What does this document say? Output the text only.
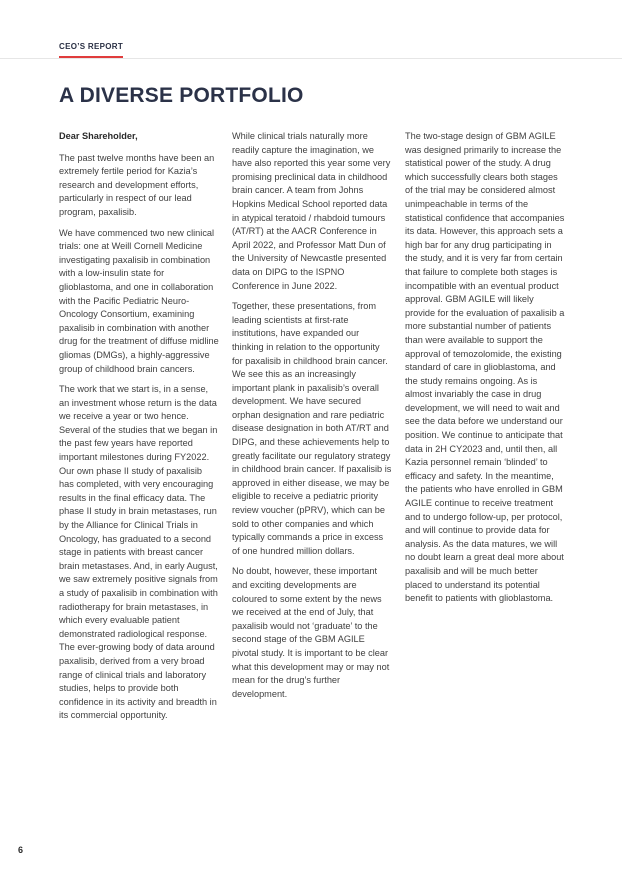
CEO’S REPORT
A DIVERSE PORTFOLIO

Dear Shareholder,

The past twelve months have been an extremely fertile period for Kazia’s research and development efforts, particularly in respect of our lead program, paxalisib.

We have commenced two new clinical trials: one at Weill Cornell Medicine investigating paxalisib in combination with a low-insulin state for glioblastoma, and one in collaboration with the Pacific Pediatric Neuro-Oncology Consortium, examining paxalisib in combination with another drug for the treatment of diffuse midline gliomas (DMGs), a highly-aggressive group of childhood brain cancers.

The work that we start is, in a sense, an investment whose return is the data we receive a year or two hence. Several of the studies that we began in the past few years have reported important milestones during FY2022. Our own phase II study of paxalisib has completed, with very encouraging results in the final efficacy data. The phase II study in brain metastases, run by the Alliance for Clinical Trials in Oncology, has graduated to a second stage in patients with breast cancer brain metastases. And, in early August, we saw extremely positive signals from a study of paxalisib in combination with radiotherapy for brain metastases, in which every evaluable patient demonstrated radiological response. The ever-growing body of data around paxalisib, derived from a very broad range of clinical trials and laboratory studies, helps to provide both confidence in its activity and breadth in its commercial opportunity.

While clinical trials naturally more readily capture the imagination, we have also reported this year some very promising preclinical data in childhood brain cancer. A team from Johns Hopkins Medical School reported data in atypical teratoid / rhabdoid tumours (AT/RT) at the AACR Conference in April 2022, and Professor Matt Dun of the University of Newcastle presented data on DIPG to the ISPNO Conference in June 2022.

Together, these presentations, from leading scientists at first-rate institutions, have expanded our thinking in relation to the opportunity for paxalisib in childhood brain cancer. We see this as an increasingly important plank in paxalisib’s overall development. We have secured orphan designation and rare pediatric disease designation in both AT/RT and DIPG, and these achievements help to greatly facilitate our regulatory strategy in childhood brain cancer. If paxalisib is approved in either disease, we may be eligible to receive a pediatric priority review voucher (pPRV), which can be sold to other companies and which typically commands a price in excess of one hundred million dollars.

No doubt, however, these important and exciting developments are coloured to some extent by the news we received at the end of July, that paxalisib would not ‘graduate’ to the second stage of the GBM AGILE pivotal study. It is important to be clear what this development may or may not mean for the drug’s further development.

The two-stage design of GBM AGILE was designed primarily to increase the statistical power of the study. A drug which successfully clears both stages of the trial may be considered almost unimpeachable in terms of the statistical confidence that accompanies its data. However, this approach sets a high bar for any drug participating in the study, and it is very far from certain that failure to complete both stages is incompatible with an eventual product approval. GBM AGILE will likely provide for the evaluation of paxalisib a more substantial number of patients than were available to support the approval of temozolomide, the existing standard of care in glioblastoma, and the study remains ongoing. As is almost invariably the case in drug development, we will need to wait and see the data before we understand our position. We continue to anticipate that data in 2H CY2023 and, until then, all Kazia personnel remain ‘blinded’ to efficacy and safety. In the meantime, the patients who have enrolled in GBM AGILE continue to receive treatment and to undergo follow-up, per protocol, and will continue to provide data for analysis. As the data matures, we will no doubt learn a great deal more about paxalisib and will be much better placed to understand its potential benefit to patients with glioblastoma.

6
